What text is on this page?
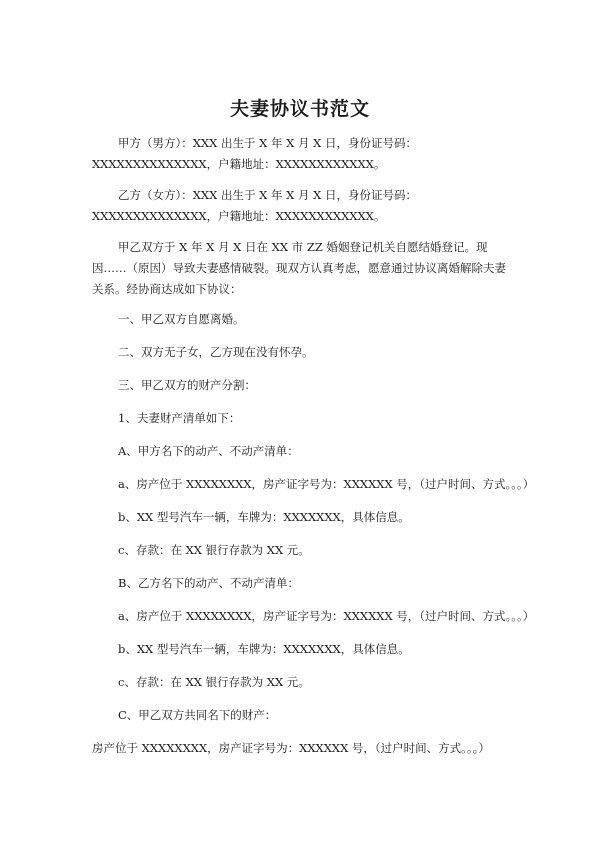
夫妻协议书范文

甲方（男方）：XXX 出生于 X 年 X 月 X 日，身份证号码：XXXXXXXXXXXXXX，户籍地址：XXXXXXXXXXXX。

乙方（女方）：XXX 出生于 X 年 X 月 X 日，身份证号码：XXXXXXXXXXXXXX，户籍地址：XXXXXXXXXXXX。

甲乙双方于 X 年 X 月 X 日在 XX 市 ZZ 婚姻登记机关自愿结婚登记。现因……（原因）导致夫妻感情破裂。现双方认真考虑，愿意通过协议离婚解除夫妻关系。经协商达成如下协议：

一、甲乙双方自愿离婚。

二、双方无子女，乙方现在没有怀孕。

三、甲乙双方的财产分割：

1、夫妻财产清单如下：

A、甲方名下的动产、不动产清单：

a、房产位于 XXXXXXXX，房产证字号为：XXXXXX 号，（过户时间、方式。。。）

b、XX 型号汽车一辆，车牌为：XXXXXXX，具体信息。

c、存款：在 XX 银行存款为 XX 元。

B、乙方名下的动产、不动产清单：

a、房产位于 XXXXXXXX，房产证字号为：XXXXXX 号，（过户时间、方式。。。）

b、XX 型号汽车一辆，车牌为：XXXXXXX，具体信息。

c、存款：在 XX 银行存款为 XX 元。

C、甲乙双方共同名下的财产：

房产位于 XXXXXXXX，房产证字号为：XXXXXX 号，（过户时间、方式。。。）
